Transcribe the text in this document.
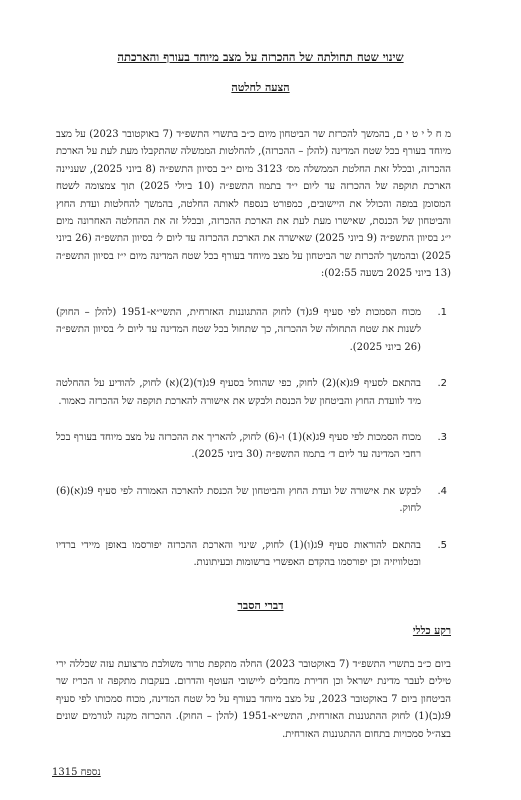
שינוי שטח תחולתה של ההכרזה על מצב מיוחד בעורף והארכתה
הצעה לחלטה
מ ח ל י ט י ם, בהמשך להכרזת שר הביטחון מיום כ״ב בתשרי התשפ״ד (7 באוקטובר 2023) על מצב מיוחד בעורף בכל שטח המדינה (להלן – ההכרזה), להחלטות הממשלה שהתקבלו מעת לעת על הארכת ההכרזה, ובכלל זאת החלטת הממשלה מס׳ 3123 מיום י״ב בסיוון התשפ״ה (8 ביוני 2025), שעניינה הארכת תוקפה של ההכרזה עד ליום י״ד בתמוז התשפ״ה (10 ביולי 2025) תוך צמצומה לשטח המסומן במפה והכולל את היישובים, כמפורט בנספח לאותה החלטה, בהמשך להחלטות ועדת החוץ והביטחון של הכנסת, שאישרו מעת לעת את הארכת ההכרזה, ובכלל זה את ההחלטה האחרונה מיום י״ג בסיוון התשפ״ה (9 ביוני 2025) שאישרה את הארכת ההכרזה עד ליום ל׳ בסיוון התשפ״ה (26 ביוני 2025) ובהמשך להכרזת שר הביטחון על מצב מיוחד בעורף בכל שטח המדינה מיום י״ז בסיוון התשפ״ה (13 ביוני 2025 בשעה 02:55):
1.
מכוח הסמכות לפי סעיף 9ג(ד) לחוק ההתגוננות האזרחית, התשי״א-1951 (להלן – החוק) לשנות את שטח התחולה של ההכרזה, כך שתחול בכל שטח המדינה עד ליום ל׳ בסיוון התשפ״ה (26 ביוני 2025).
2.
בהתאם לסעיף 9ג(א)(2) לחוק, כפי שהוחל בסעיף 9ג(ד)(2)(א) לחוק, להודיע על ההחלטה מיד לוועדת החוץ והביטחון של הכנסת ולבקש את אישורה להארכת תוקפה של ההכרזה כאמור.
3.
מכוח הסמכות לפי סעיף 9ג(א)(1) ו-(6) לחוק, להאריך את ההכרזה על מצב מיוחד בעורף בכל רחבי המדינה עד ליום ד׳ בתמוז התשפ״ה (30 ביוני 2025).
4.
לבקש את אישורה של ועדת החוץ והביטחון של הכנסת להארכה האמורה לפי סעיף 9ג(א)(6) לחוק.
5.
בהתאם להוראות סעיף 9ג(ו)(1) לחוק, שינוי והארכת ההכרזה יפורסמו באופן מיידי ברדיו ובטלוויזיה וכן יפורסמו בהקדם האפשרי ברשומות ובעיתונות.
דברי הסבר
רקע כללי
ביום כ״ב בתשרי התשפ״ד (7 באוקטובר 2023) החלה מתקפת טרור משולבת מרצועת עזה שכללה ירי טילים לעבר מדינת ישראל וכן חדירת מחבלים ליישובי העוטף והדרום. בעקבות מתקפה זו הכריז שר הביטחון ביום 7 באוקטובר 2023, על מצב מיוחד בעורף על כל שטח המדינה, מכוח סמכותו לפי סעיף 9ג(ב)(1) לחוק ההתגוננות האזרחית, התשי״א-1951 (להלן – החוק). ההכרזה מקנה לגורמים שונים בצה״ל סמכויות בתחום ההתגוננות האזרחית.
נספח 1315
